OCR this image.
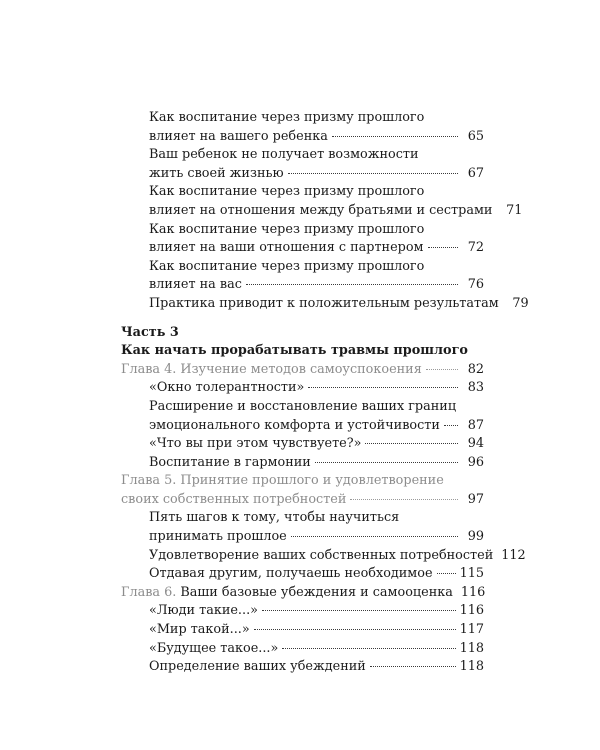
Как воспитание через призму прошлого
влияет на вашего ребенка	65
Ваш ребенок не получает возможности
жить своей жизнью	67
Как воспитание через призму прошлого
влияет на отношения между братьями и сестрами	71
Как воспитание через призму прошлого
влияет на ваши отношения с партнером	72
Как воспитание через призму прошлого
влияет на вас	76
Практика приводит к положительным результатам	79
Часть 3
Как начать прорабатывать травмы прошлого
Глава 4. Изучение методов самоуспокоения	82
«Окно толерантности»	83
Расширение и восстановление ваших границ
эмоционального комфорта и устойчивости	87
«Что вы при этом чувствуете?»	94
Воспитание в гармонии	96
Глава 5. Принятие прошлого и удовлетворение
своих собственных потребностей	97
Пять шагов к тому, чтобы научиться
принимать прошлое	99
Удовлетворение ваших собственных потребностей 112
Отдавая другим, получаешь необходимое 115
Глава 6. Ваши базовые убеждения и самооценка 116
«Люди такие...»	116
«Мир такой...»	117
«Будущее такое...»	118
Определение ваших убеждений	118
